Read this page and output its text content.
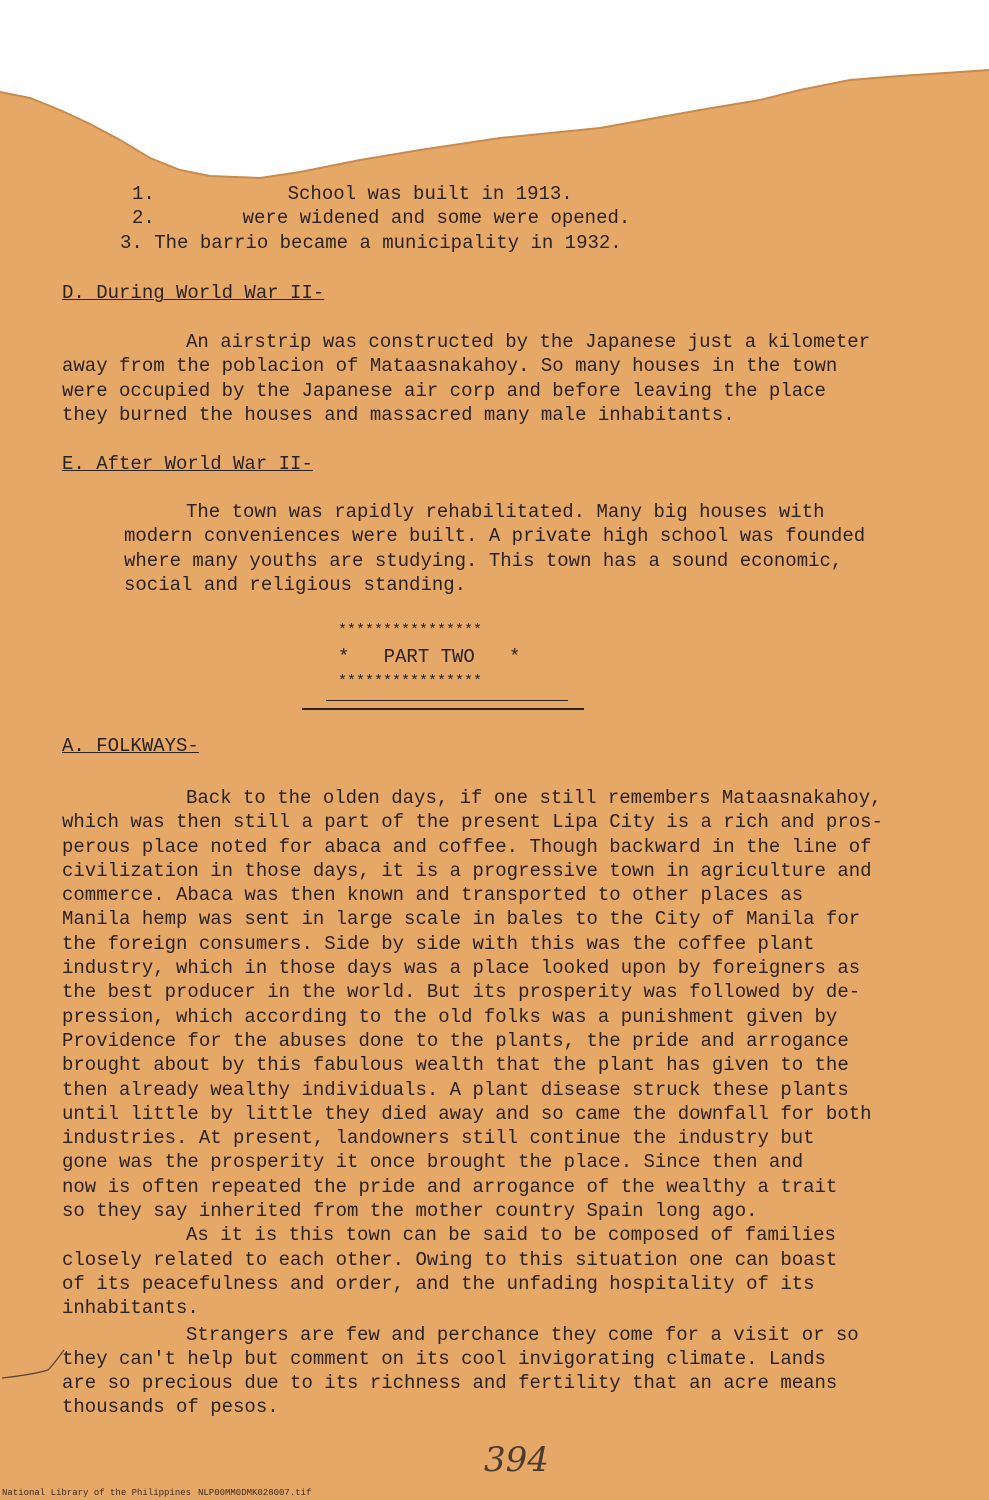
1.	School was built in 1913.
2.	were widened and some were opened.
3. The barrio became a municipality in 1932.
D. During World War II-
An airstrip was constructed by the Japanese just a kilometer
away from the poblacion of Mataasnakahoy. So many houses in the town
were occupied by the Japanese air corp and before leaving the place
they burned the houses and massacred many male inhabitants.
E. After World War II-
The town was rapidly rehabilitated. Many big houses with
modern conveniences were built. A private high school was founded
where many youths are studying. This town has a sound economic,
social and religious standing.
****************
*   PART TWO   *
****************
A. FOLKWAYS-
Back to the olden days, if one still remembers Mataasnakahoy,
which was then still a part of the present Lipa City is a rich and pros-
perous place noted for abaca and coffee. Though backward in the line of
civilization in those days, it is a progressive town in agriculture and
commerce. Abaca was then known and transported to other places as
Manila hemp was sent in large scale in bales to the City of Manila for
the foreign consumers. Side by side with this was the coffee plant
industry, which in those days was a place looked upon by foreigners as
the best producer in the world. But its prosperity was followed by de-
pression, which according to the old folks was a punishment given by
Providence for the abuses done to the plants, the pride and arrogance
brought about by this fabulous wealth that the plant has given to the
then already wealthy individuals. A plant disease struck these plants
until little by little they died away and so came the downfall for both
industries. At present, landowners still continue the industry but
gone was the prosperity it once brought the place. Since then and
now is often repeated the pride and arrogance of the wealthy a trait
so they say inherited from the mother country Spain long ago.
As it is this town can be said to be composed of families
closely related to each other. Owing to this situation one can boast
of its peacefulness and order, and the unfading hospitality of its
inhabitants.
Strangers are few and perchance they come for a visit or so
they can't help but comment on its cool invigorating climate. Lands
are so precious due to its richness and fertility that an acre means
thousands of pesos.
394
National Library of the Philippines NLP00MM0DMK028007.tif
